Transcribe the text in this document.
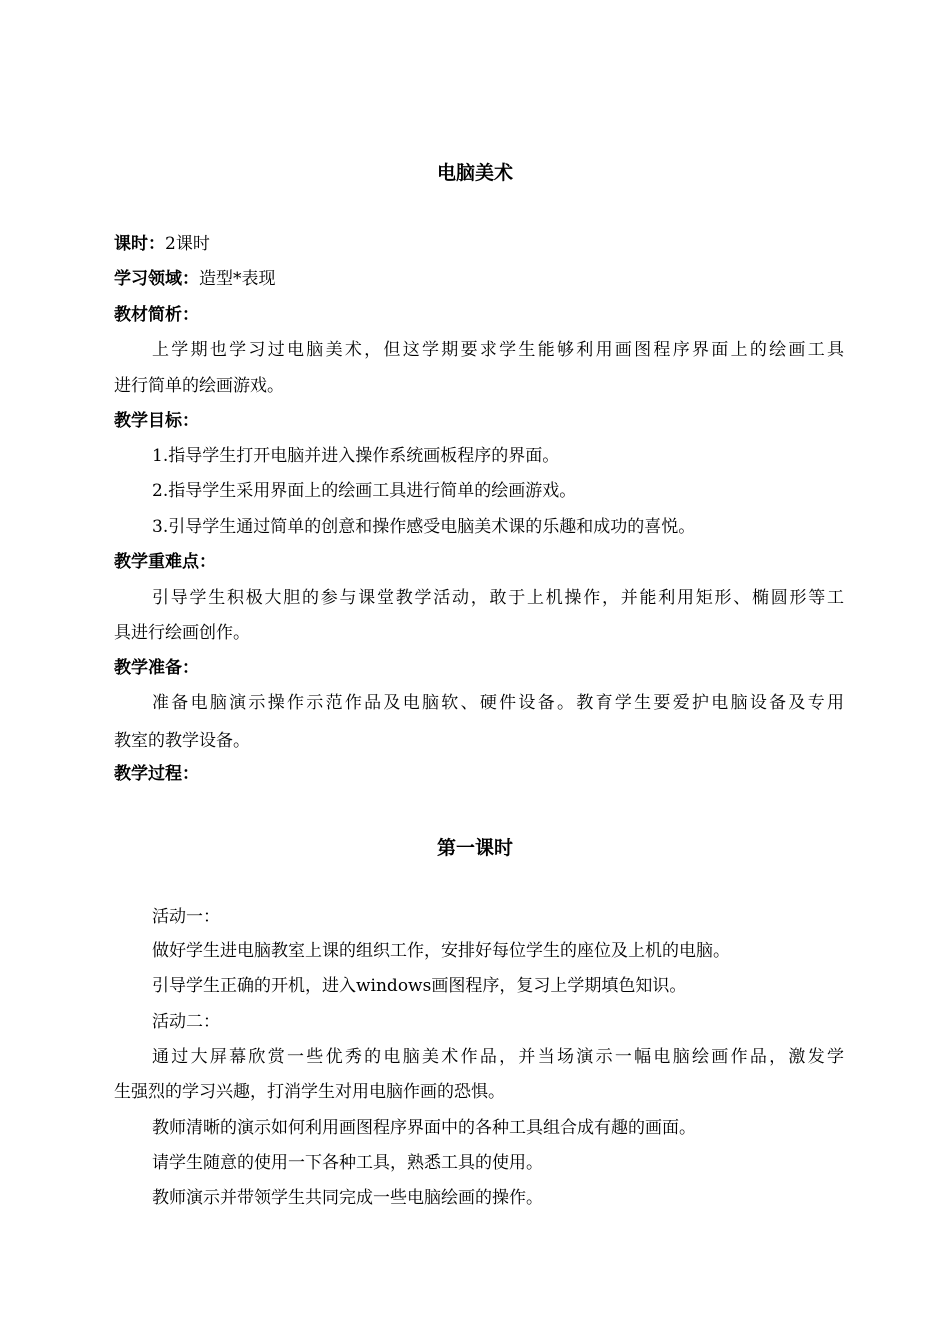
电脑美术
课时：2课时
学习领域：造型*表现
教材简析：
上学期也学习过电脑美术，但这学期要求学生能够利用画图程序界面上的绘画工具
进行简单的绘画游戏。
教学目标：
1.指导学生打开电脑并进入操作系统画板程序的界面。
2.指导学生采用界面上的绘画工具进行简单的绘画游戏。
3.引导学生通过简单的创意和操作感受电脑美术课的乐趣和成功的喜悦。
教学重难点：
引导学生积极大胆的参与课堂教学活动，敢于上机操作，并能利用矩形、椭圆形等工
具进行绘画创作。
教学准备：
准备电脑演示操作示范作品及电脑软、硬件设备。教育学生要爱护电脑设备及专用
教室的教学设备。
教学过程：
第一课时
活动一：
做好学生进电脑教室上课的组织工作，安排好每位学生的座位及上机的电脑。
引导学生正确的开机，进入windows画图程序，复习上学期填色知识。
活动二：
通过大屏幕欣赏一些优秀的电脑美术作品，并当场演示一幅电脑绘画作品，激发学
生强烈的学习兴趣，打消学生对用电脑作画的恐惧。
教师清晰的演示如何利用画图程序界面中的各种工具组合成有趣的画面。
请学生随意的使用一下各种工具，熟悉工具的使用。
教师演示并带领学生共同完成一些电脑绘画的操作。
